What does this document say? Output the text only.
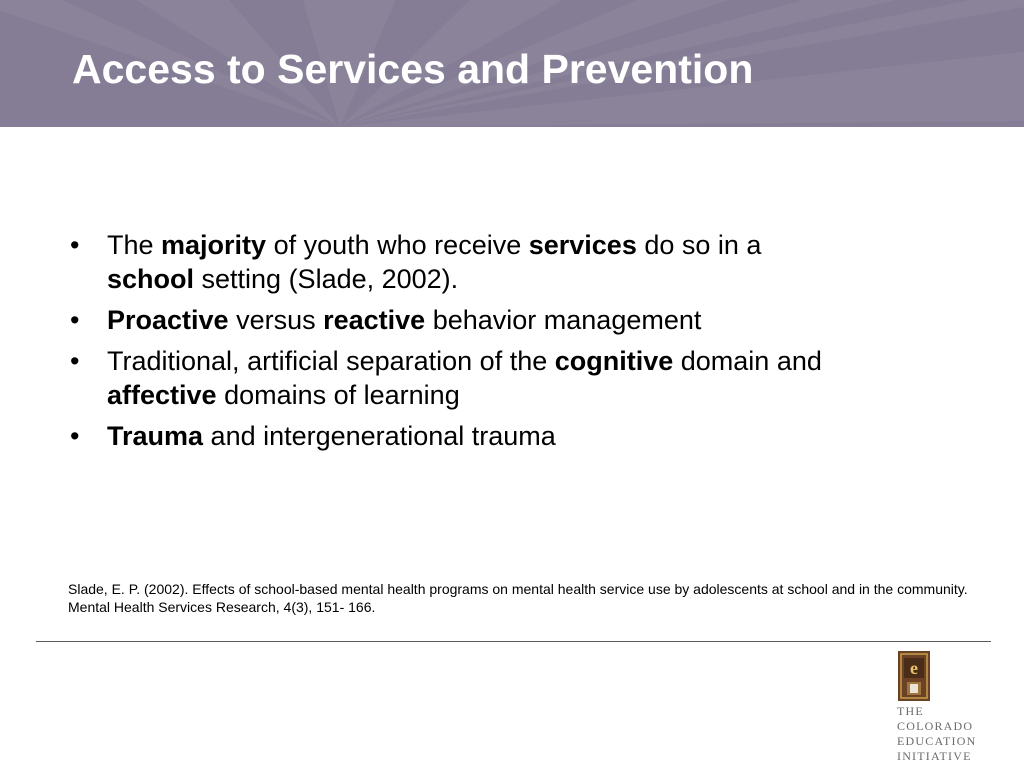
Access to Services and Prevention
• The majority of youth who receive services do so in a
school setting (Slade, 2002).
• Proactive versus reactive behavior management
• Traditional, artificial separation of the cognitive domain and
affective domains of learning
• Trauma and intergenerational trauma

Slade, E. P. (2002). Effects of school-based mental health programs on mental health service use by adolescents at school and in the community. Mental Health Services Research, 4(3), 151- 166.

e
THE
COLORADO
EDUCATION
INITIATIVE
